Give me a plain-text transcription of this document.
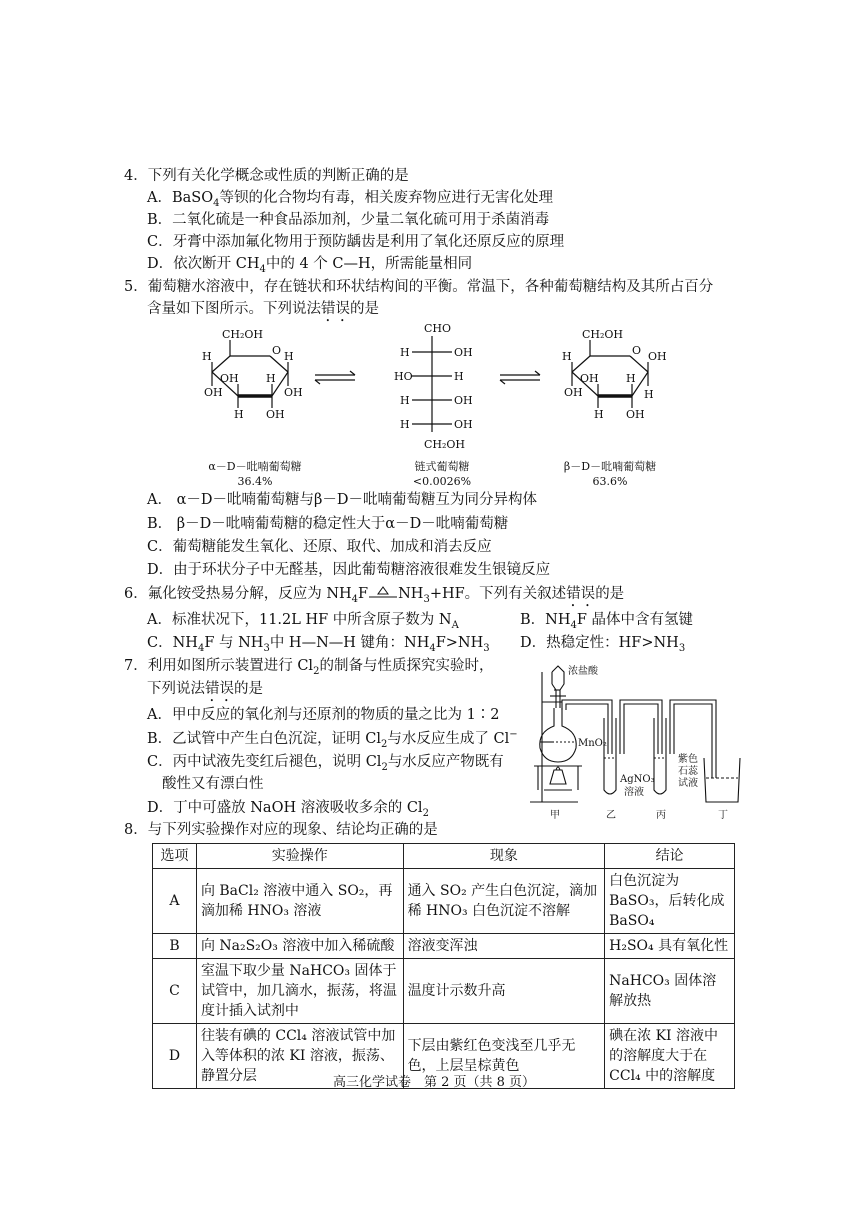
4．下列有关化学概念或性质的判断正确的是
A．BaSO$_4$等钡的化合物均有毒，相关废弃物应进行无害化处理
B．二氧化硫是一种食品添加剂，少量二氧化硫可用于杀菌消毒
C．牙膏中添加氟化物用于预防龋齿是利用了氧化还原反应的原理
D．依次断开 $CH_4$中的 4 个 C—H，所需能量相同
5．葡萄糖水溶液中，存在链状和环状结构间的平衡。常温下，各种葡萄糖结构及其所占百分
含量如下图所示。下列说法错误的是
CH₂OH
H	O H
OH
OH
H
OH
H OH
CHO
H	OH
HO	H
H	OH
H	OH
CH₂OH
CH₂OH
H	O OH
OH
OH
H
H
H OH
α－D－吡喃葡萄糖
36.4%
链式葡萄糖
<0.0026%
β－D－吡喃葡萄糖
63.6%
A． α－D－吡喃葡萄糖与β－D－吡喃葡萄糖互为同分异构体
B． β－D－吡喃葡萄糖的稳定性大于α－D－吡喃葡萄糖
C．葡萄糖能发生氧化、还原、取代、加成和消去反应
D．由于环状分子中无醛基，因此葡萄糖溶液很难发生银镜反应
6．氟化铵受热易分解，反应为 $NH_4F$ $NH_3+HF$。下列有关叙述错误的是
A．标准状况下，11.2L HF 中所含原子数为 $N_A$	B．$NH_4F$ 晶体中含有氢键
C．$NH_4F$ 与 $NH_3$中 H—N—H 键角：$NH_4F>NH_3$ D．热稳定性：$HF>NH_3$
7．利用如图所示装置进行 $Cl_2$的制备与性质探究实验时，
下列说法错误的是
A．甲中反应的氧化剂与还原剂的物质的量之比为 1∶2
B．乙试管中产生白色沉淀，证明 $Cl_2$与水反应生成了 Cl−
C．丙中试液先变红后褪色，说明 $Cl_2$与水反应产物既有
酸性又有漂白性
D．丁中可盛放 NaOH 溶液吸收多余的 $Cl_2$
浓盐酸
MnO₂
AgNO₃
溶液
紫色
石蕊
试液
甲	乙	丙	丁
8．与下列实验操作对应的现象、结论均正确的是
选项	实验操作	现象	结论
A	向 BaCl₂ 溶液中通入 SO₂，再滴加稀 HNO₃ 溶液	通入 SO₂ 产生白色沉淀，滴加稀 HNO₃ 白色沉淀不溶解	白色沉淀为 BaSO₃，后转化成 BaSO₄
B	向 Na₂S₂O₃ 溶液中加入稀硫酸	溶液变浑浊	H₂SO₄ 具有氧化性
C	室温下取少量 NaHCO₃ 固体于试管中，加几滴水，振荡，将温度计插入试剂中	温度计示数升高	NaHCO₃ 固体溶解放热
D	往装有碘的 CCl₄ 溶液试管中加入等体积的浓 KI 溶液，振荡、静置分层	下层由紫红色变浅至几乎无色，上层呈棕黄色	碘在浓 KI 溶液中的溶解度大于在 CCl₄ 中的溶解度
高三化学试卷　第 2 页（共 8 页）
